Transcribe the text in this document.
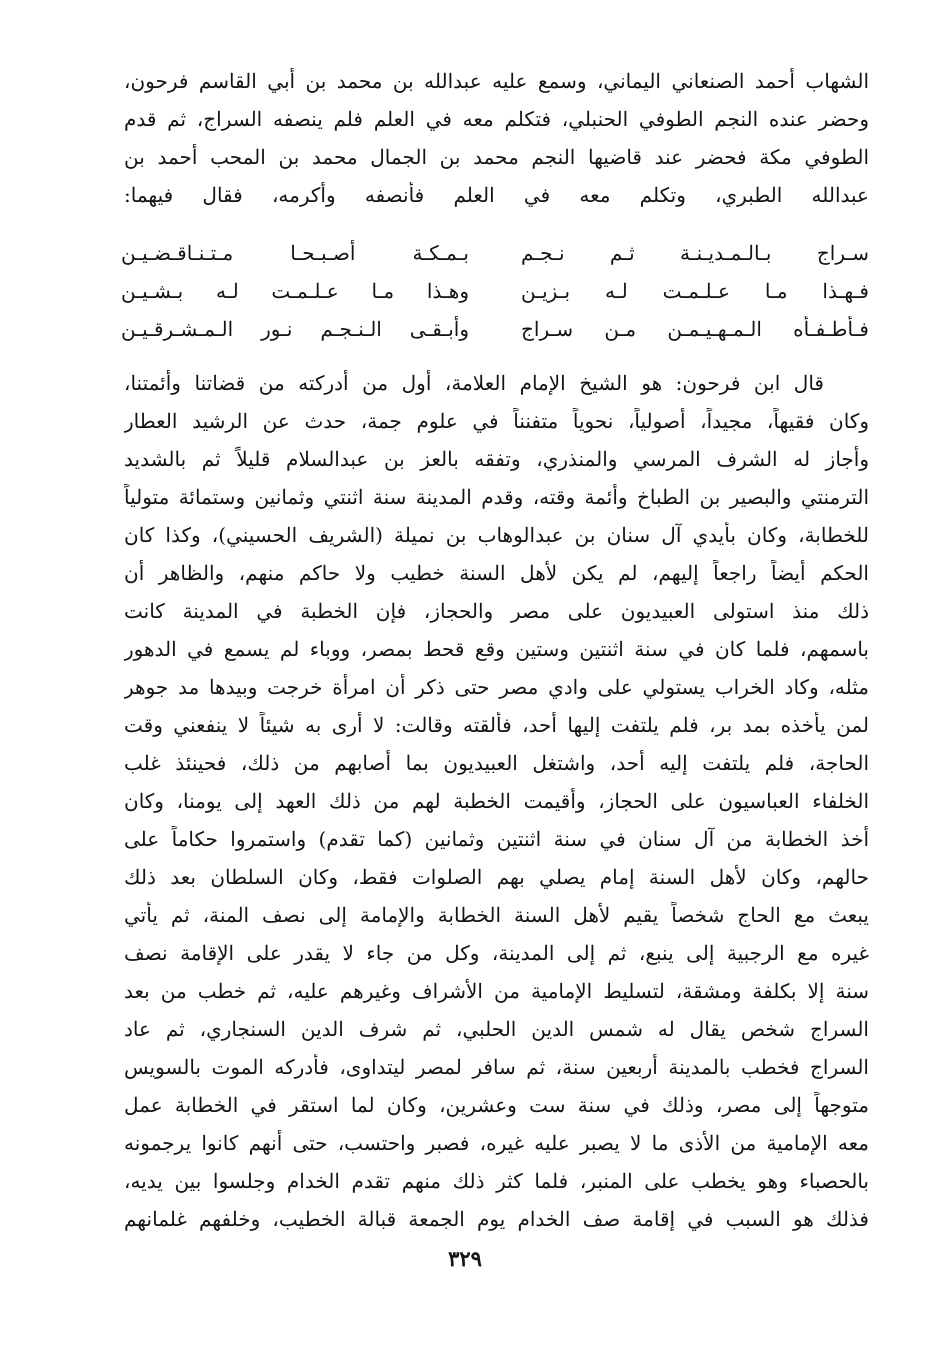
الشهاب أحمد الصنعاني اليماني، وسمع عليه عبدالله بن محمد بن أبي القاسم فرحون،
وحضر عنده النجم الطوفي الحنبلي، فتكلم معه في العلم فلم ينصفه السراج، ثم قدم
الطوفي مكة فحضر عند قاضيها النجم محمد بن الجمال محمد بن المحب أحمد بن
عبدالله الطبري، وتكلم معه في العلم فأنصفه وأكرمه، فقال فيهما:
سـراج بـالـمـديـنـة ثـم نـجـم
بـمـكـة أصـبـحـا مـتـنـاقـضـيـن
فـهـذا مـا عـلـمـت لـه بـزيـن
وهـذا مـا عـلـمـت لـه بـشـيـن
فـأطـفـأه الـمـهـيـمـن مـن سـراج
وأبـقـى الـنـجـم نـور الـمـشـرقـيـن
قال ابن فرحون: هو الشيخ الإمام العلامة، أول من أدركته من قضاتنا وأئمتنا،
وكان فقيهاً، مجيداً، أصولياً، نحوياً متفنناً في علوم جمة، حدث عن الرشيد العطار
وأجاز له الشرف المرسي والمنذري، وتفقه بالعز بن عبدالسلام قليلاً ثم بالشديد
الترمنتي والبصير بن الطباخ وأئمة وقته، وقدم المدينة سنة اثنتي وثمانين وستمائة متولياً
للخطابة، وكان بأيدي آل سنان بن عبدالوهاب بن نميلة (الشريف الحسيني)، وكذا كان
الحكم أيضاً راجعاً إليهم، لم يكن لأهل السنة خطيب ولا حاكم منهم، والظاهر أن
ذلك منذ استولى العبيديون على مصر والحجاز، فإن الخطبة في المدينة كانت
باسمهم، فلما كان في سنة اثنتين وستين وقع قحط بمصر، ووباء لم يسمع في الدهور
مثله، وكاد الخراب يستولي على وادي مصر حتى ذكر أن امرأة خرجت وبيدها مد جوهر
لمن يأخذه بمد بر، فلم يلتفت إليها أحد، فألقته وقالت: لا أرى به شيئاً لا ينفعني وقت
الحاجة، فلم يلتفت إليه أحد، واشتغل العبيديون بما أصابهم من ذلك، فحينئذ غلب
الخلفاء العباسيون على الحجاز، وأقيمت الخطبة لهم من ذلك العهد إلى يومنا، وكان
أخذ الخطابة من آل سنان في سنة اثنتين وثمانين (كما تقدم) واستمروا حكاماً على
حالهم، وكان لأهل السنة إمام يصلي بهم الصلوات فقط، وكان السلطان بعد ذلك
يبعث مع الحاج شخصاً يقيم لأهل السنة الخطابة والإمامة إلى نصف المنة، ثم يأتي
غيره مع الرجبية إلى ينبع، ثم إلى المدينة، وكل من جاء لا يقدر على الإقامة نصف
سنة إلا بكلفة ومشقة، لتسليط الإمامية من الأشراف وغيرهم عليه، ثم خطب من بعد
السراج شخص يقال له شمس الدين الحلبي، ثم شرف الدين السنجاري، ثم عاد
السراج فخطب بالمدينة أربعين سنة، ثم سافر لمصر ليتداوى، فأدركه الموت بالسويس
متوجهاً إلى مصر، وذلك في سنة ست وعشرين، وكان لما استقر في الخطابة عمل
معه الإمامية من الأذى ما لا يصبر عليه غيره، فصبر واحتسب، حتى أنهم كانوا يرجمونه
بالحصباء وهو يخطب على المنبر، فلما كثر ذلك منهم تقدم الخدام وجلسوا بين يديه،
فذلك هو السبب في إقامة صف الخدام يوم الجمعة قبالة الخطيب، وخلفهم غلمانهم
٣٢٩
